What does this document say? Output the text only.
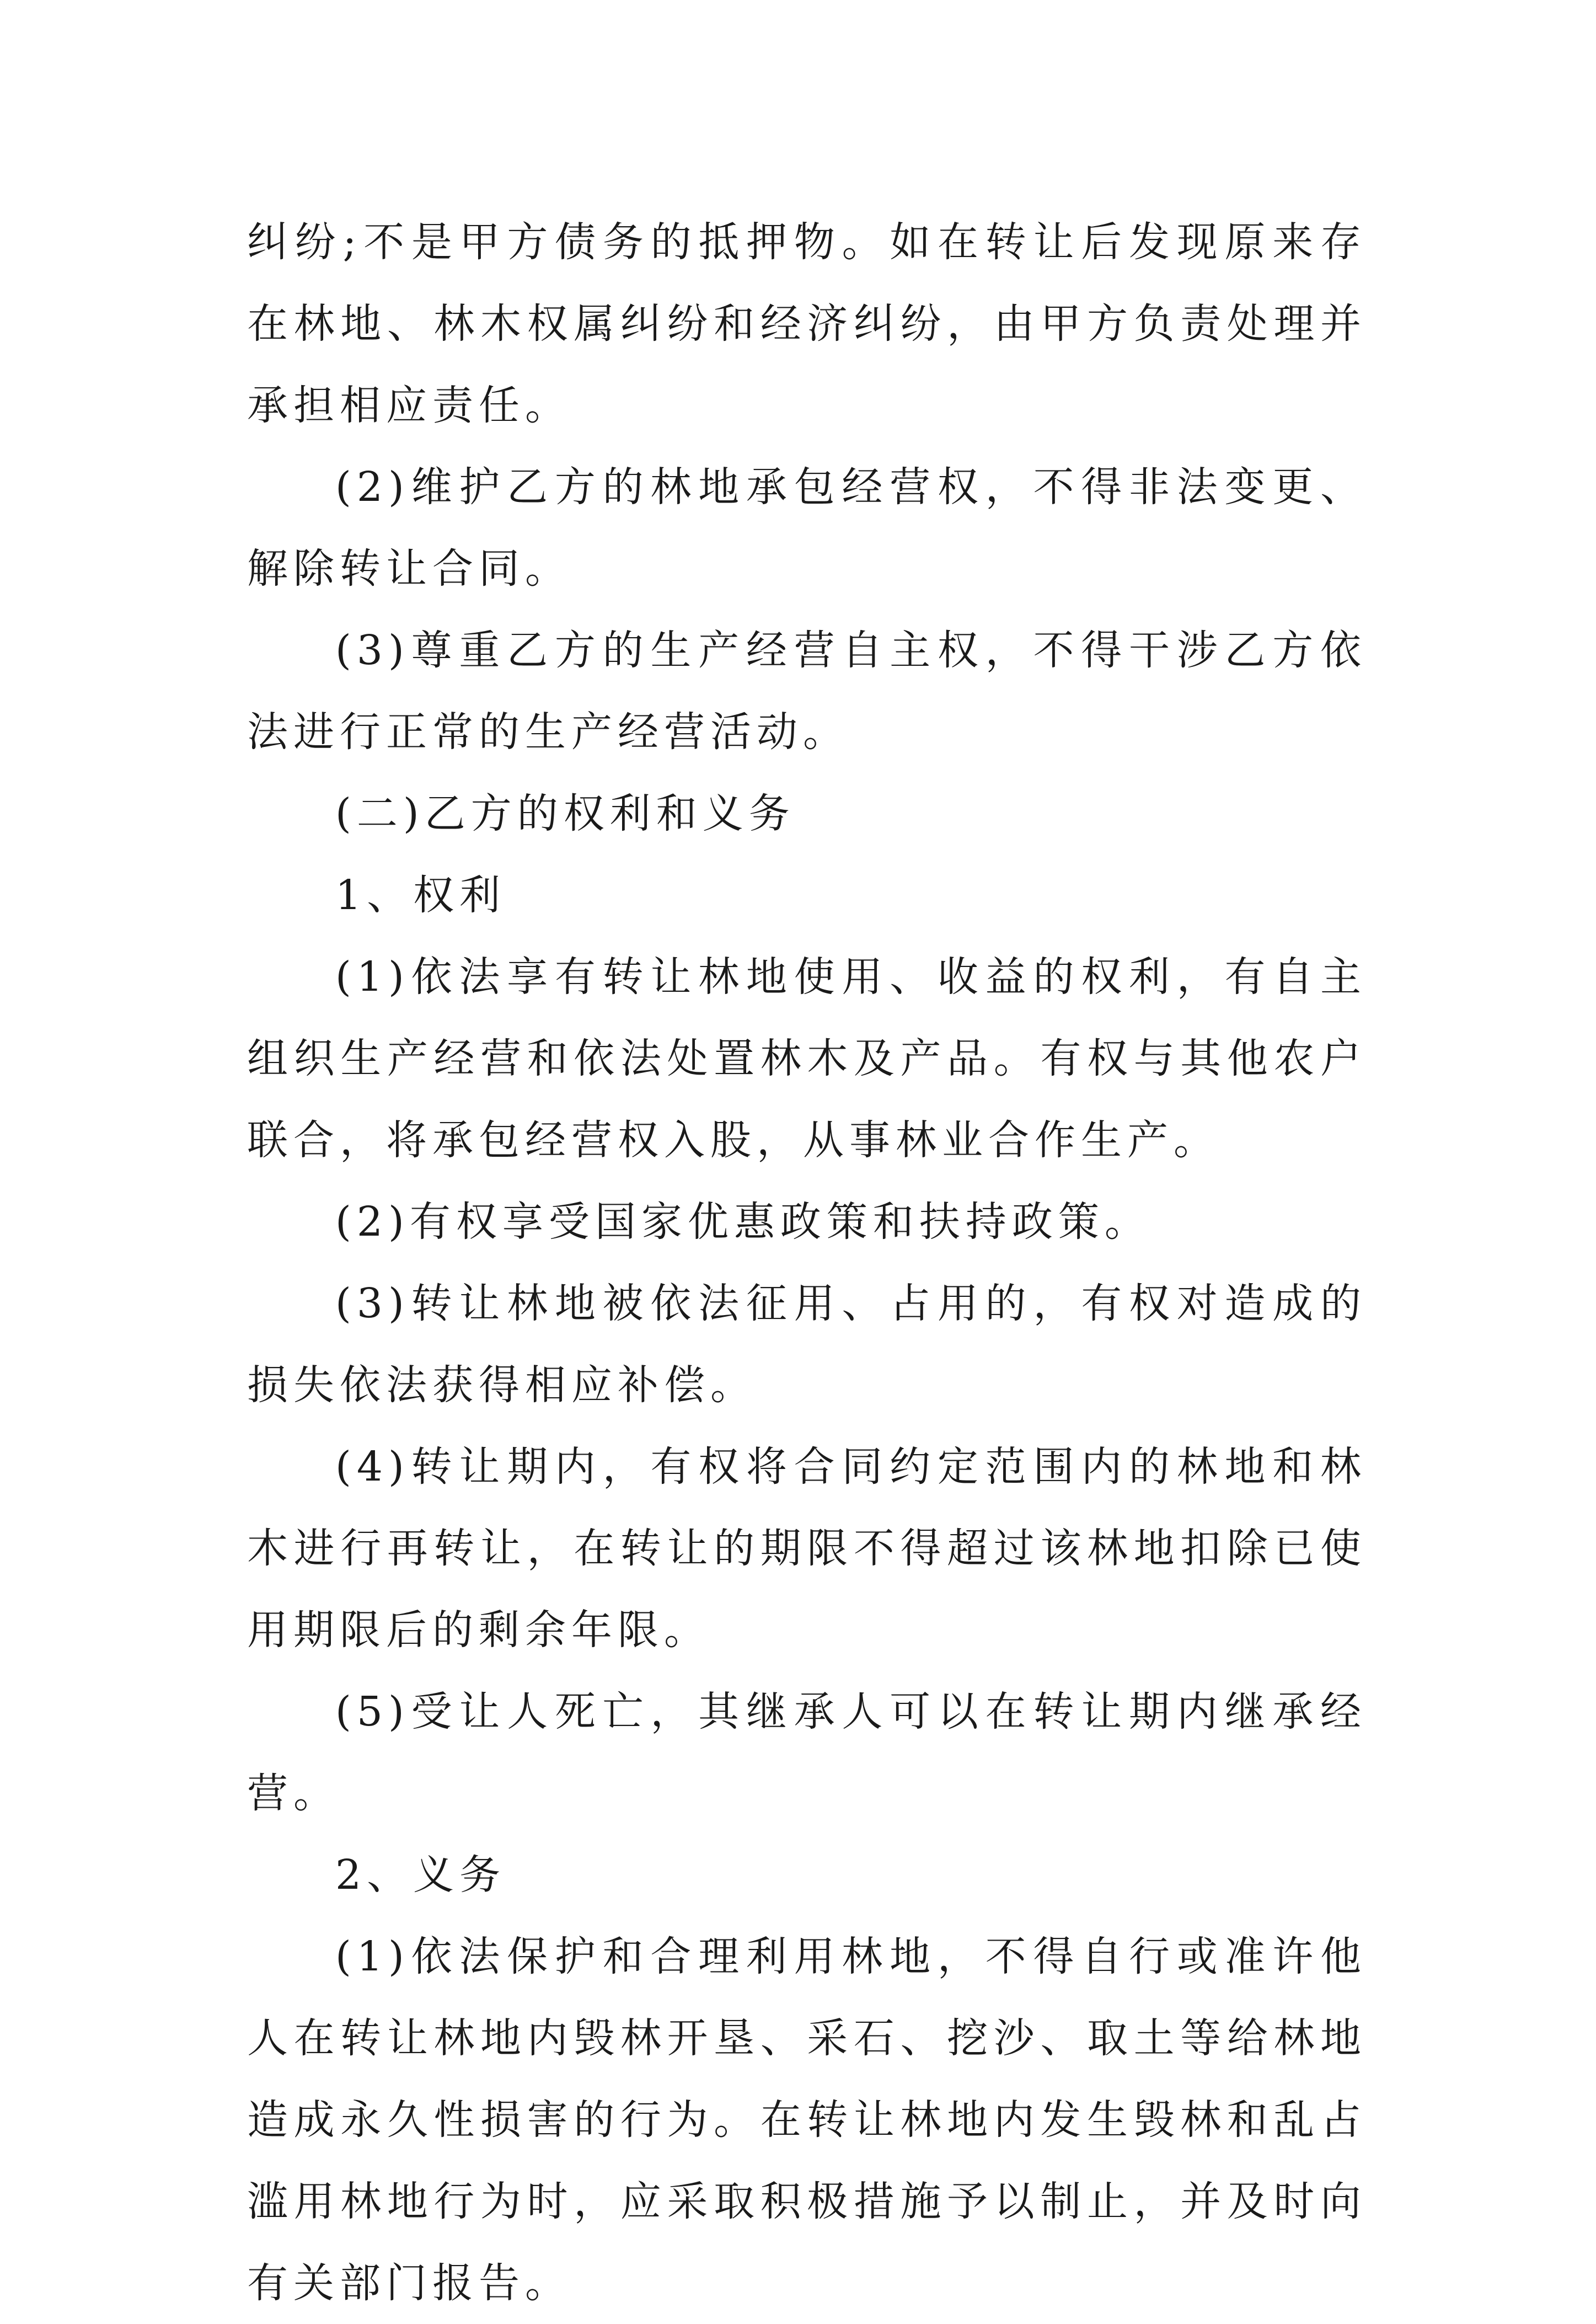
纠纷;不是甲方债务的抵押物。如在转让后发现原来存在林地、林木权属纠纷和经济纠纷，由甲方负责处理并承担相应责任。

(2)维护乙方的林地承包经营权，不得非法变更、解除转让合同。

(3)尊重乙方的生产经营自主权，不得干涉乙方依法进行正常的生产经营活动。

(二)乙方的权利和义务

1、权利

(1)依法享有转让林地使用、收益的权利，有自主组织生产经营和依法处置林木及产品。有权与其他农户联合，将承包经营权入股，从事林业合作生产。

(2)有权享受国家优惠政策和扶持政策。

(3)转让林地被依法征用、占用的，有权对造成的损失依法获得相应补偿。

(4)转让期内，有权将合同约定范围内的林地和林木进行再转让，在转让的期限不得超过该林地扣除已使用期限后的剩余年限。

(5)受让人死亡，其继承人可以在转让期内继承经营。

2、义务

(1)依法保护和合理利用林地，不得自行或准许他人在转让林地内毁林开垦、采石、挖沙、取土等给林地造成永久性损害的行为。在转让林地内发生毁林和乱占滥用林地行为时，应采取积极措施予以制止，并及时向有关部门报告。
